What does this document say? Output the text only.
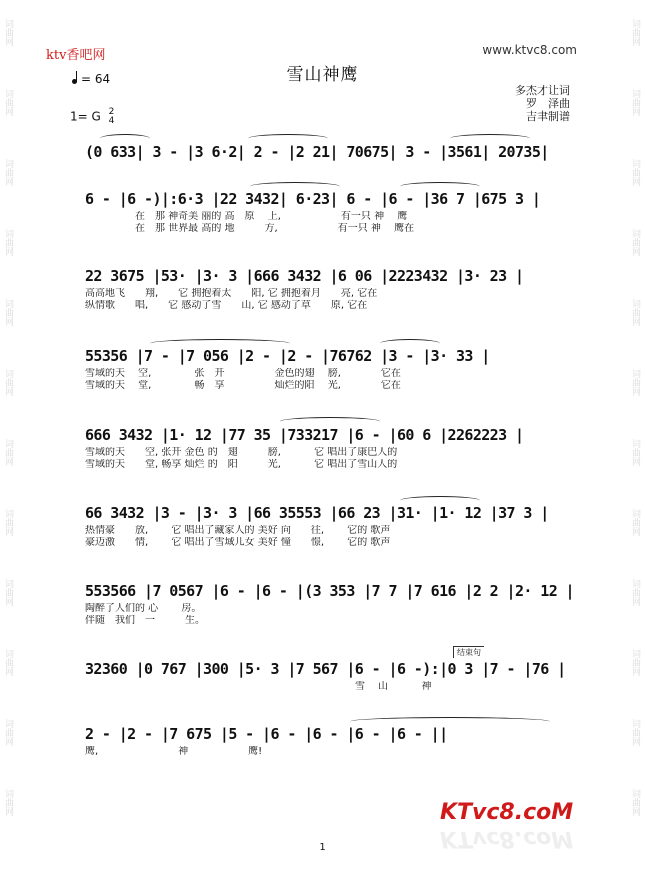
词曲网
词曲网
词曲网
词曲网
词曲网
词曲网
词曲网
词曲网
词曲网
词曲网
词曲网
词曲网
词曲网
词曲网
词曲网
词曲网
词曲网
词曲网
词曲网
词曲网
词曲网
词曲网
词曲网
词曲网
ktv香吧网	www.ktvc8.com
雪山神鹰
= 64
1= G 2
4
多杰才让词
罗　泽曲
吉聿制谱
(0 633| 3 - |3 6·2| 2 - |2 21| 70675| 3 - |3561| 20735|
6 - |6 -)|:6·3 |22 3432| 6·23| 6 - |6 - |36 7 |675 3 |
　　　　　在　那 神奇美 丽的 高　原　 上,　　　　　　有一只 神　 鹰
　　　　　在　那 世界最 高的 地　　　方,　　　　　　有一只 神　 鹰在
22 3675 |53· |3· 3 |666 3432 |6 06 |2223432 |3· 23 |
高高地飞　　翔,　　它 拥抱着太　　阳, 它 拥抱着月　　亮, 它在
纵情歌　　唱,　　它 感动了雪　　山, 它 感动了草　　原, 它在
55356 |7 - |7 056 |2 - |2 - |76762 |3 - |3· 33 |
雪域的天　 空,　　　　 张　开　　　　　金色的翅　 膀,　　　　它在
雪域的天　 堂,　　　　 畅　享　　　　　灿烂的阳　 光,　　　　它在
666 3432 |1· 12 |77 35 |733217 |6 - |60 6 |2262223 |
雪域的天　　空, 张开 金色 的　翅　　　膀,　　　 它 唱出了康巴人的
雪域的天　　堂, 畅享 灿烂 的　阳　　　光,　　　 它 唱出了雪山人的
66 3432 |3 - |3· 3 |66 35553 |66 23 |31· |1· 12 |37 3 |
热情豪　　放,　　 它 唱出了藏家人的 美好 向　　往,　　 它的 歌声
豪迈激　　情,　　 它 唱出了雪域儿女 美好 憧　　憬,　　 它的 歌声
553566 |7 0567 |6 - |6 - |(3 353 |7 7 |7 616 |2 2 |2· 12 |
陶醉了人们的 心　　 房。
伴随　我们　一　　　生。
结束句
32360 |0 767 |300 |5· 3 |7 567 |6 - |6 -):|0 3 |7 - |76 |
　　　　　　　　　　　　　　　　　　　　　　　　　　　雪　 山　　　 神
2 - |2 - |7 675 |5 - |6 - |6 - |6 - |6 - ||
鹰,　　　　　　　　神　　　　　　鹰!
KTvc8.coM
KTvc8.coM
1
